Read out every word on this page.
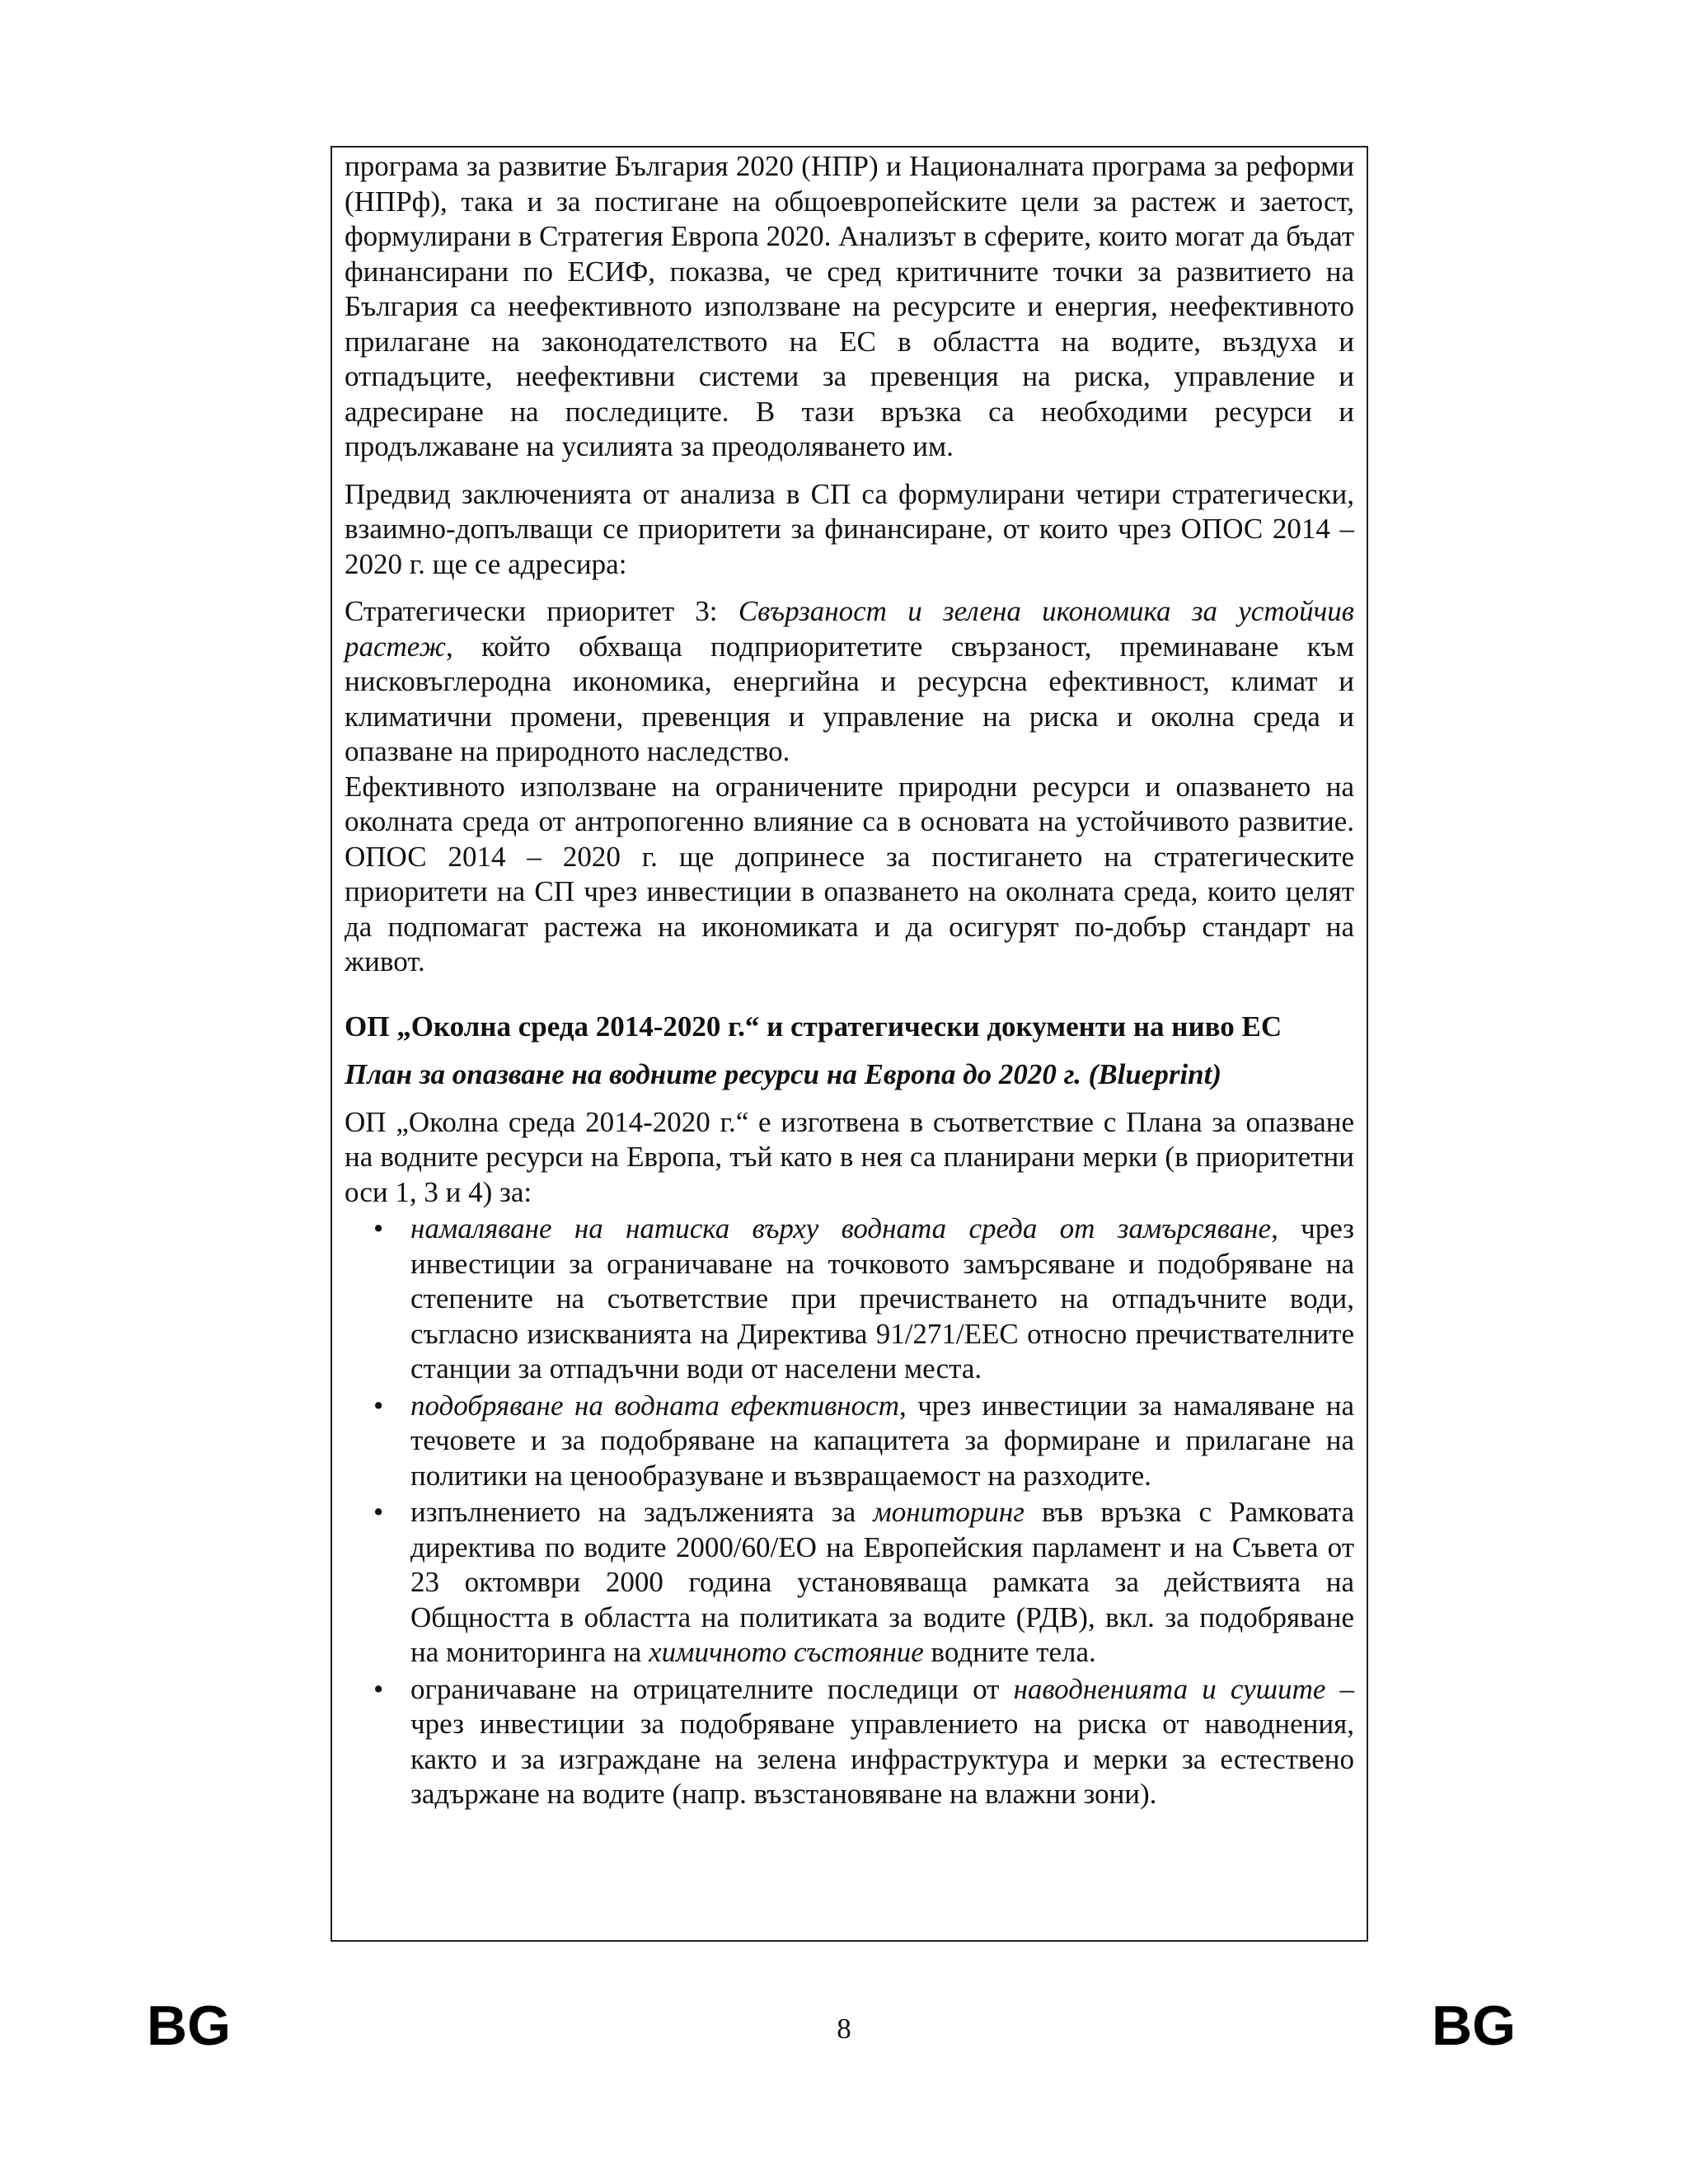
програма за развитие България 2020 (НПР) и Националната програма за реформи (НПРф), така и за постигане на общоевропейските цели за растеж и заетост, формулирани в Стратегия Европа 2020. Анализът в сферите, които могат да бъдат финансирани по ЕСИФ, показва, че сред критичните точки за развитието на България са неефективното използване на ресурсите и енергия, неефективното прилагане на законодателството на ЕС в областта на водите, въздуха и отпадъците, неефективни системи за превенция на риска, управление и адресиране на последиците. В тази връзка са необходими ресурси и продължаване на усилията за преодоляването им.

Предвид заключенията от анализа в СП са формулирани четири стратегически, взаимно-допълващи се приоритети за финансиране, от които чрез ОПОС 2014 – 2020 г. ще се адресира:

Стратегически приоритет 3: Свързаност и зелена икономика за устойчив растеж, който обхваща подприоритетите свързаност, преминаване към нисковъглеродна икономика, енергийна и ресурсна ефективност, климат и климатични промени, превенция и управление на риска и околна среда и опазване на природното наследство.

Ефективното използване на ограничените природни ресурси и опазването на околната среда от антропогенно влияние са в основата на устойчивото развитие. ОПОС 2014 – 2020 г. ще допринесе за постигането на стратегическите приоритети на СП чрез инвестиции в опазването на околната среда, които целят да подпомагат растежа на икономиката и да осигурят по-добър стандарт на живот.

ОП „Околна среда 2014-2020 г.“ и стратегически документи на ниво ЕС

План за опазване на водните ресурси на Европа до 2020 г. (Blueprint)

ОП „Околна среда 2014-2020 г.“ е изготвена в съответствие с Плана за опазване на водните ресурси на Европа, тъй като в нея са планирани мерки (в приоритетни оси 1, 3 и 4) за:

• намаляване на натиска върху водната среда от замърсяване, чрез инвестиции за ограничаване на точковото замърсяване и подобряване на степените на съответствие при пречистването на отпадъчните води, съгласно изискванията на Директива 91/271/ЕЕС относно пречиствателните станции за отпадъчни води от населени места.
• подобряване на водната ефективност, чрез инвестиции за намаляване на течовете и за подобряване на капацитета за формиране и прилагане на политики на ценообразуване и възвращаемост на разходите.
• изпълнението на задълженията за мониторинг във връзка с Рамковата директива по водите 2000/60/ЕО на Европейския парламент и на Съвета от 23 октомври 2000 година установяваща рамката за действията на Общността в областта на политиката за водите (РДВ), вкл. за подобряване на мониторинга на химичното състояние водните тела.
• ограничаване на отрицателните последици от наводненията и сушите – чрез инвестиции за подобряване управлението на риска от наводнения, както и за изграждане на зелена инфраструктура и мерки за естествено задържане на водите (напр. възстановяване на влажни зони).
BG	8	BG
